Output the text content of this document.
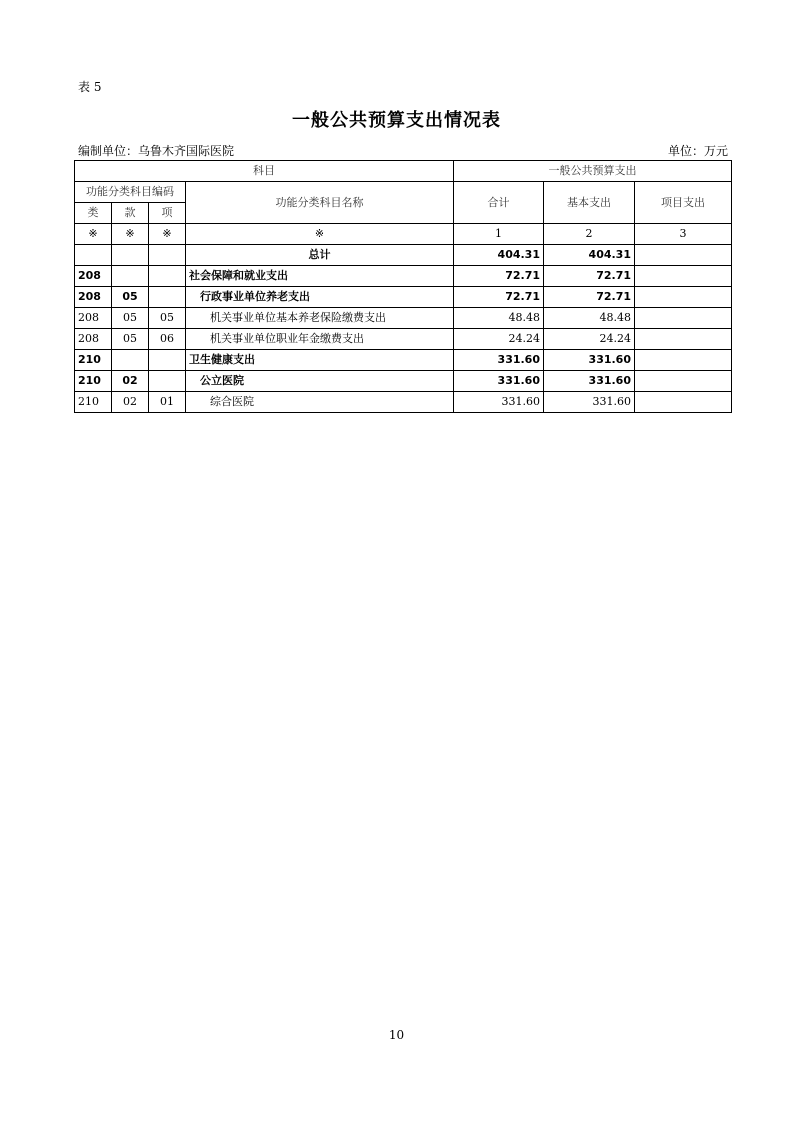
表 5
一般公共预算支出情况表
编制单位：乌鲁木齐国际医院	单位：万元
科目				一般公共预算支出		
功能分类科目编码			功能分类科目名称	合计	基本支出	项目支出
类	款	项				
※	※	※	※	1	2	3
			总计	404.31	404.31	
208			社会保障和就业支出	72.71	72.71	
208	05		行政事业单位养老支出	72.71	72.71	
208	05	05	机关事业单位基本养老保险缴费支出	48.48	48.48	
208	05	06	机关事业单位职业年金缴费支出	24.24	24.24	
210			卫生健康支出	331.60	331.60	
210	02		公立医院	331.60	331.60	
210	02	01	综合医院	331.60	331.60	
10
